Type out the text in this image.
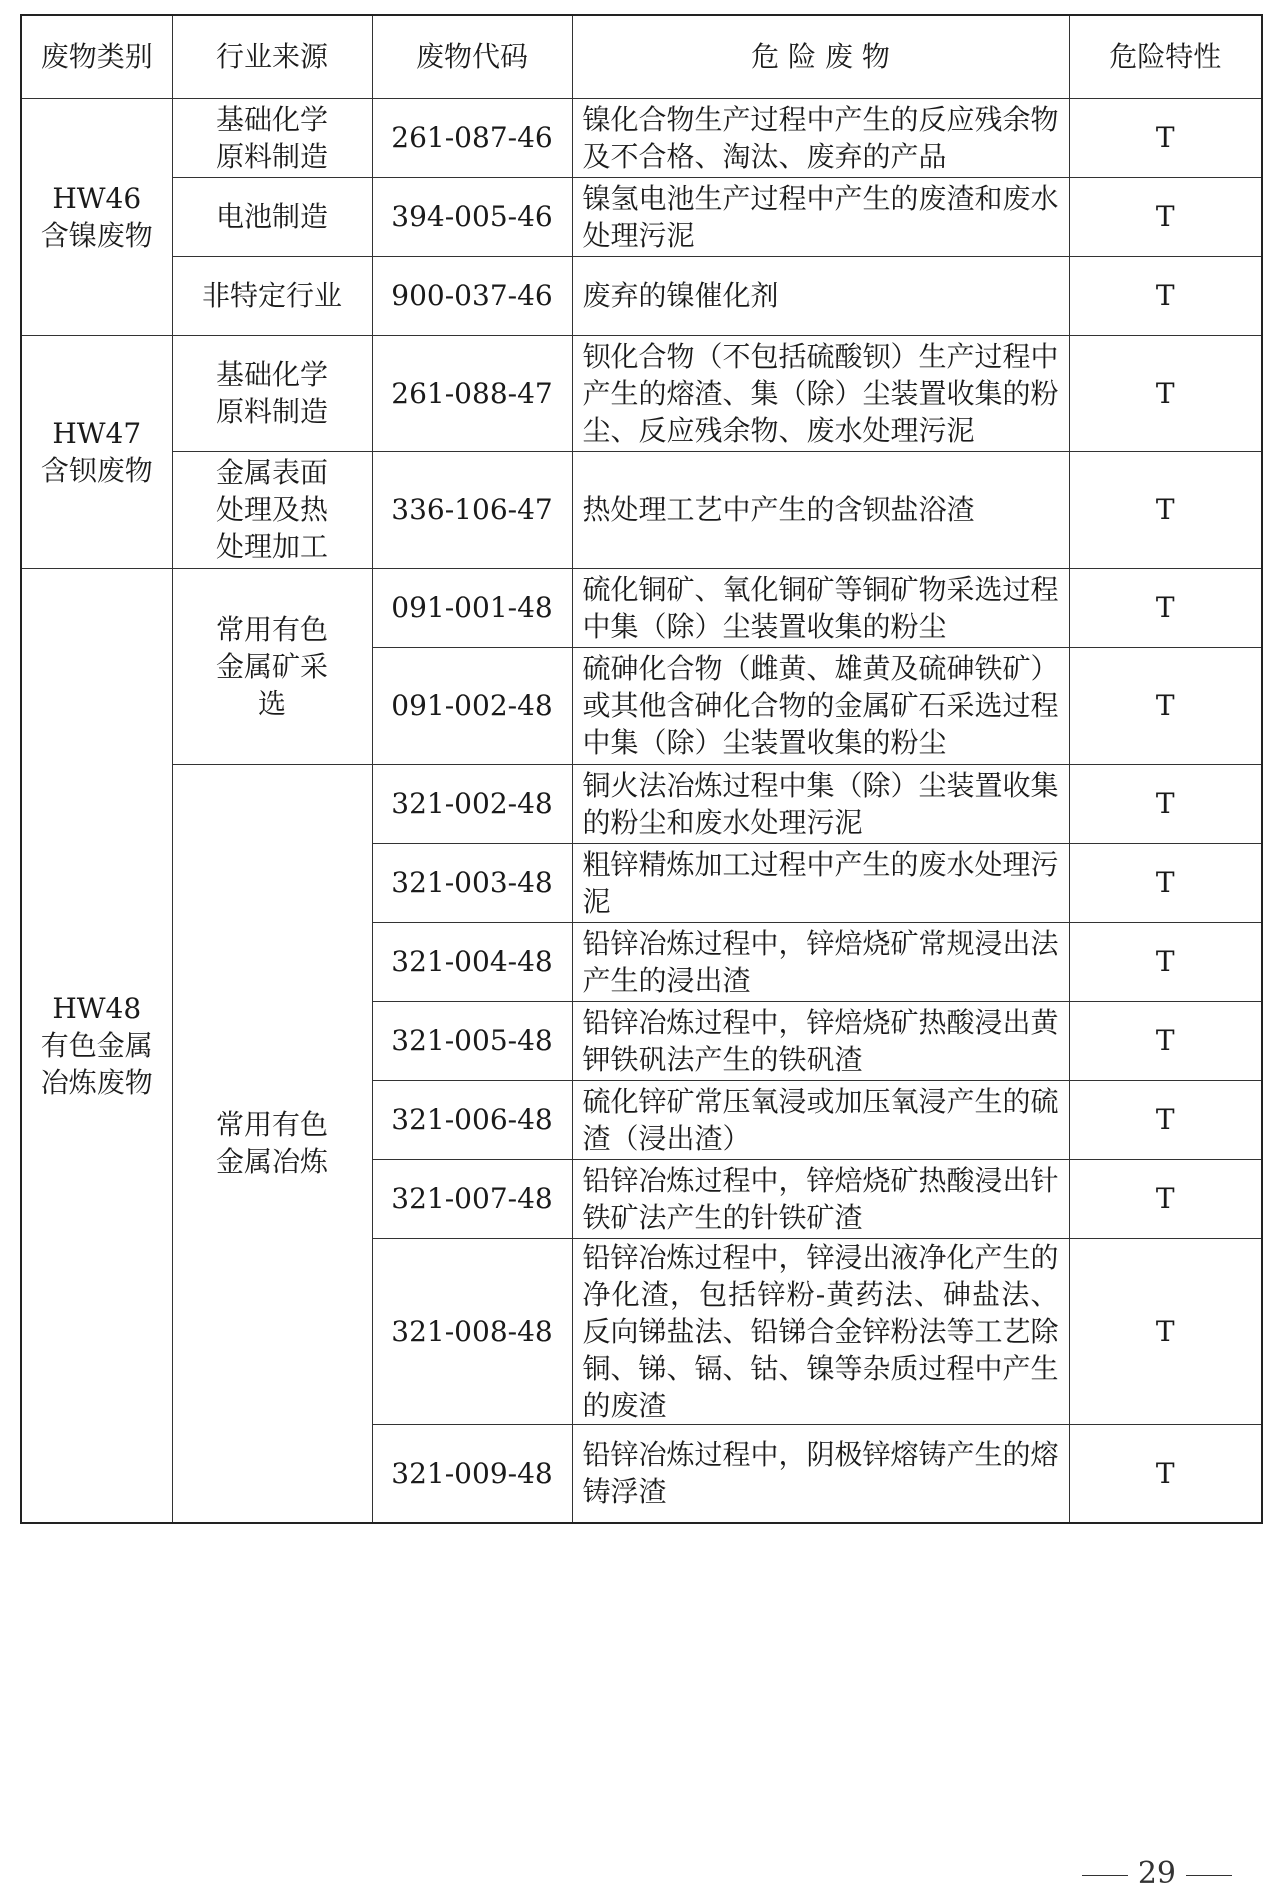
废物类别	行业来源	废物代码	危 险 废 物	危险特性

HW46
含镍废物	基础化学原料制造	261-087-46	镍化合物生产过程中产生的反应残余物及不合格、淘汰、废弃的产品	T
	电池制造	394-005-46	镍氢电池生产过程中产生的废渣和废水处理污泥	T
	非特定行业	900-037-46	废弃的镍催化剂	T

HW47
含钡废物	基础化学原料制造	261-088-47	钡化合物（不包括硫酸钡）生产过程中产生的熔渣、集（除）尘装置收集的粉尘、反应残余物、废水处理污泥	T

	金属表面处理及热处理加工	336-106-47	热处理工艺中产生的含钡盐浴渣	T

HW48
有色金属冶炼废物	常用有色金属矿采选	091-001-48	硫化铜矿、氧化铜矿等铜矿物采选过程中集（除）尘装置收集的粉尘	T
		091-002-48	硫砷化合物（雌黄、雄黄及硫砷铁矿）或其他含砷化合物的金属矿石采选过程中集（除）尘装置收集的粉尘	T

	常用有色金属冶炼	321-002-48	铜火法冶炼过程中集（除）尘装置收集的粉尘和废水处理污泥	T
		321-003-48	粗锌精炼加工过程中产生的废水处理污泥	T
		321-004-48	铅锌冶炼过程中，锌焙烧矿常规浸出法产生的浸出渣	T
		321-005-48	铅锌冶炼过程中，锌焙烧矿热酸浸出黄钾铁矾法产生的铁矾渣	T
		321-006-48	硫化锌矿常压氧浸或加压氧浸产生的硫渣（浸出渣）	T
		321-007-48	铅锌冶炼过程中，锌焙烧矿热酸浸出针铁矿法产生的针铁矿渣	T
		321-008-48	铅锌冶炼过程中，锌浸出液净化产生的净化渣，包括锌粉-黄药法、砷盐法、反向锑盐法、铅锑合金锌粉法等工艺除铜、锑、镉、钴、镍等杂质过程中产生的废渣	T
		321-009-48	铅锌冶炼过程中，阴极锌熔铸产生的熔铸浮渣	T
29
